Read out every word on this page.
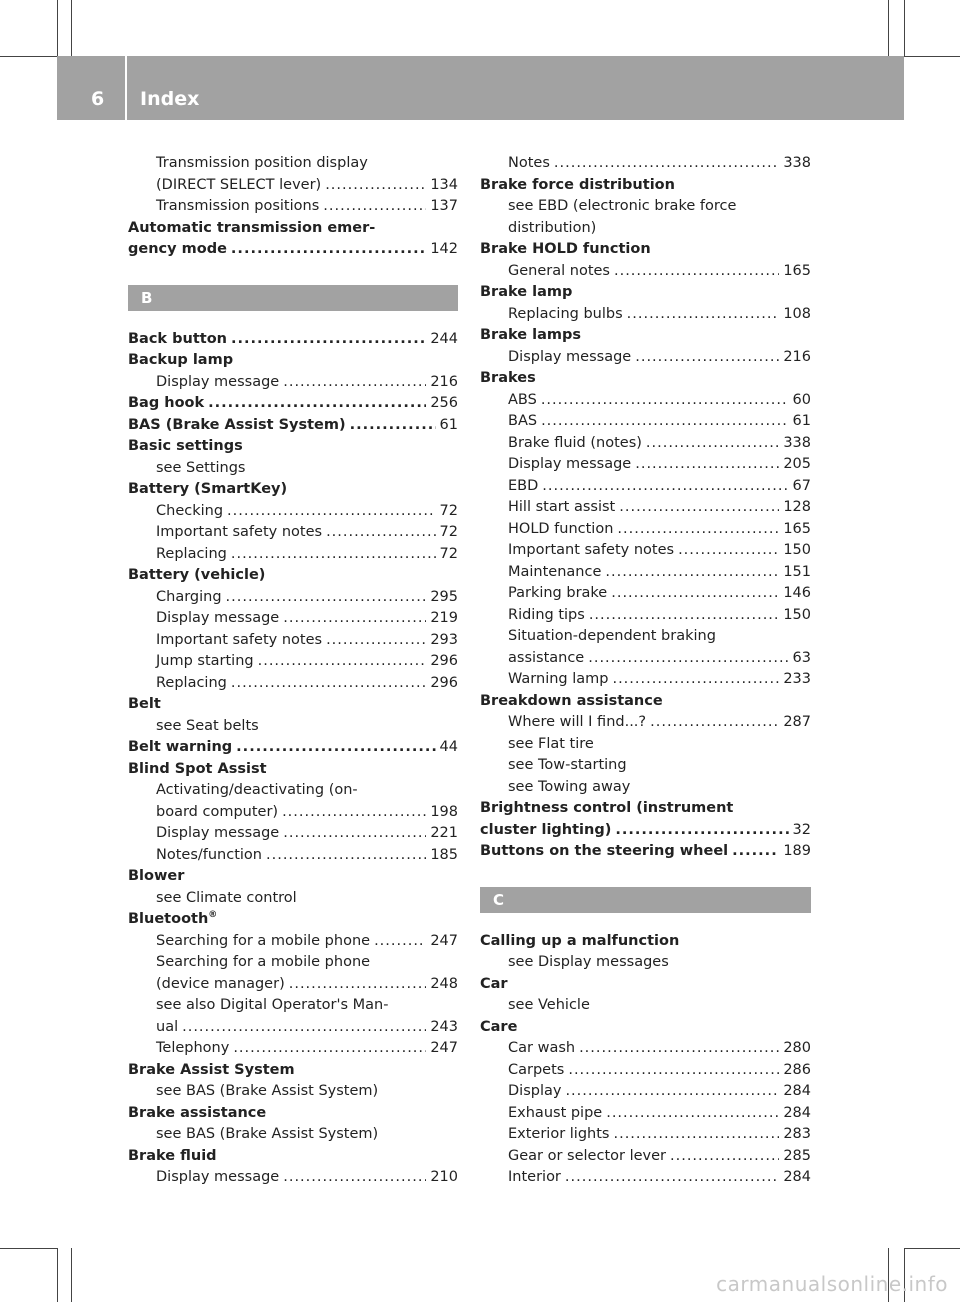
6 Index
Transmission position display
(DIRECT SELECT lever) .....	134
Transmission positions .....	137
Automatic transmission emer-
gency mode .....	142
B
Back button .....	244
Backup lamp
Display message .....	216
Bag hook .....	256
BAS (Brake Assist System) .....	61
Basic settings
see Settings
Battery (SmartKey)
Checking .....	72
Important safety notes .....	72
Replacing .....	72
Battery (vehicle)
Charging .....	295
Display message .....	219
Important safety notes .....	293
Jump starting .....	296
Replacing .....	296
Belt
see Seat belts
Belt warning .....	44
Blind Spot Assist
Activating/deactivating (on-
board computer) .....	198
Display message .....	221
Notes/function .....	185
Blower
see Climate control
Bluetooth®
Searching for a mobile phone .....	247
Searching for a mobile phone
(device manager) .....	248
see also Digital Operator's Man-
ual .....	243
Telephony .....	247
Brake Assist System
see BAS (Brake Assist System)
Brake assistance
see BAS (Brake Assist System)
Brake fluid
Display message .....	210
Notes .....	338
Brake force distribution
see EBD (electronic brake force
distribution)
Brake HOLD function
General notes .....	165
Brake lamp
Replacing bulbs .....	108
Brake lamps
Display message .....	216
Brakes
ABS .....	60
BAS .....	61
Brake fluid (notes) .....	338
Display message .....	205
EBD .....	67
Hill start assist .....	128
HOLD function .....	165
Important safety notes .....	150
Maintenance .....	151
Parking brake .....	146
Riding tips .....	150
Situation-dependent braking
assistance .....	63
Warning lamp .....	233
Breakdown assistance
Where will I find...? .....	287
see Flat tire
see Tow-starting
see Towing away
Brightness control (instrument
cluster lighting) .....	32
Buttons on the steering wheel .....	189
C
Calling up a malfunction
see Display messages
Car
see Vehicle
Care
Car wash .....	280
Carpets .....	286
Display .....	284
Exhaust pipe .....	284
Exterior lights .....	283
Gear or selector lever .....	285
Interior .....	284
carmanualsonline.info
